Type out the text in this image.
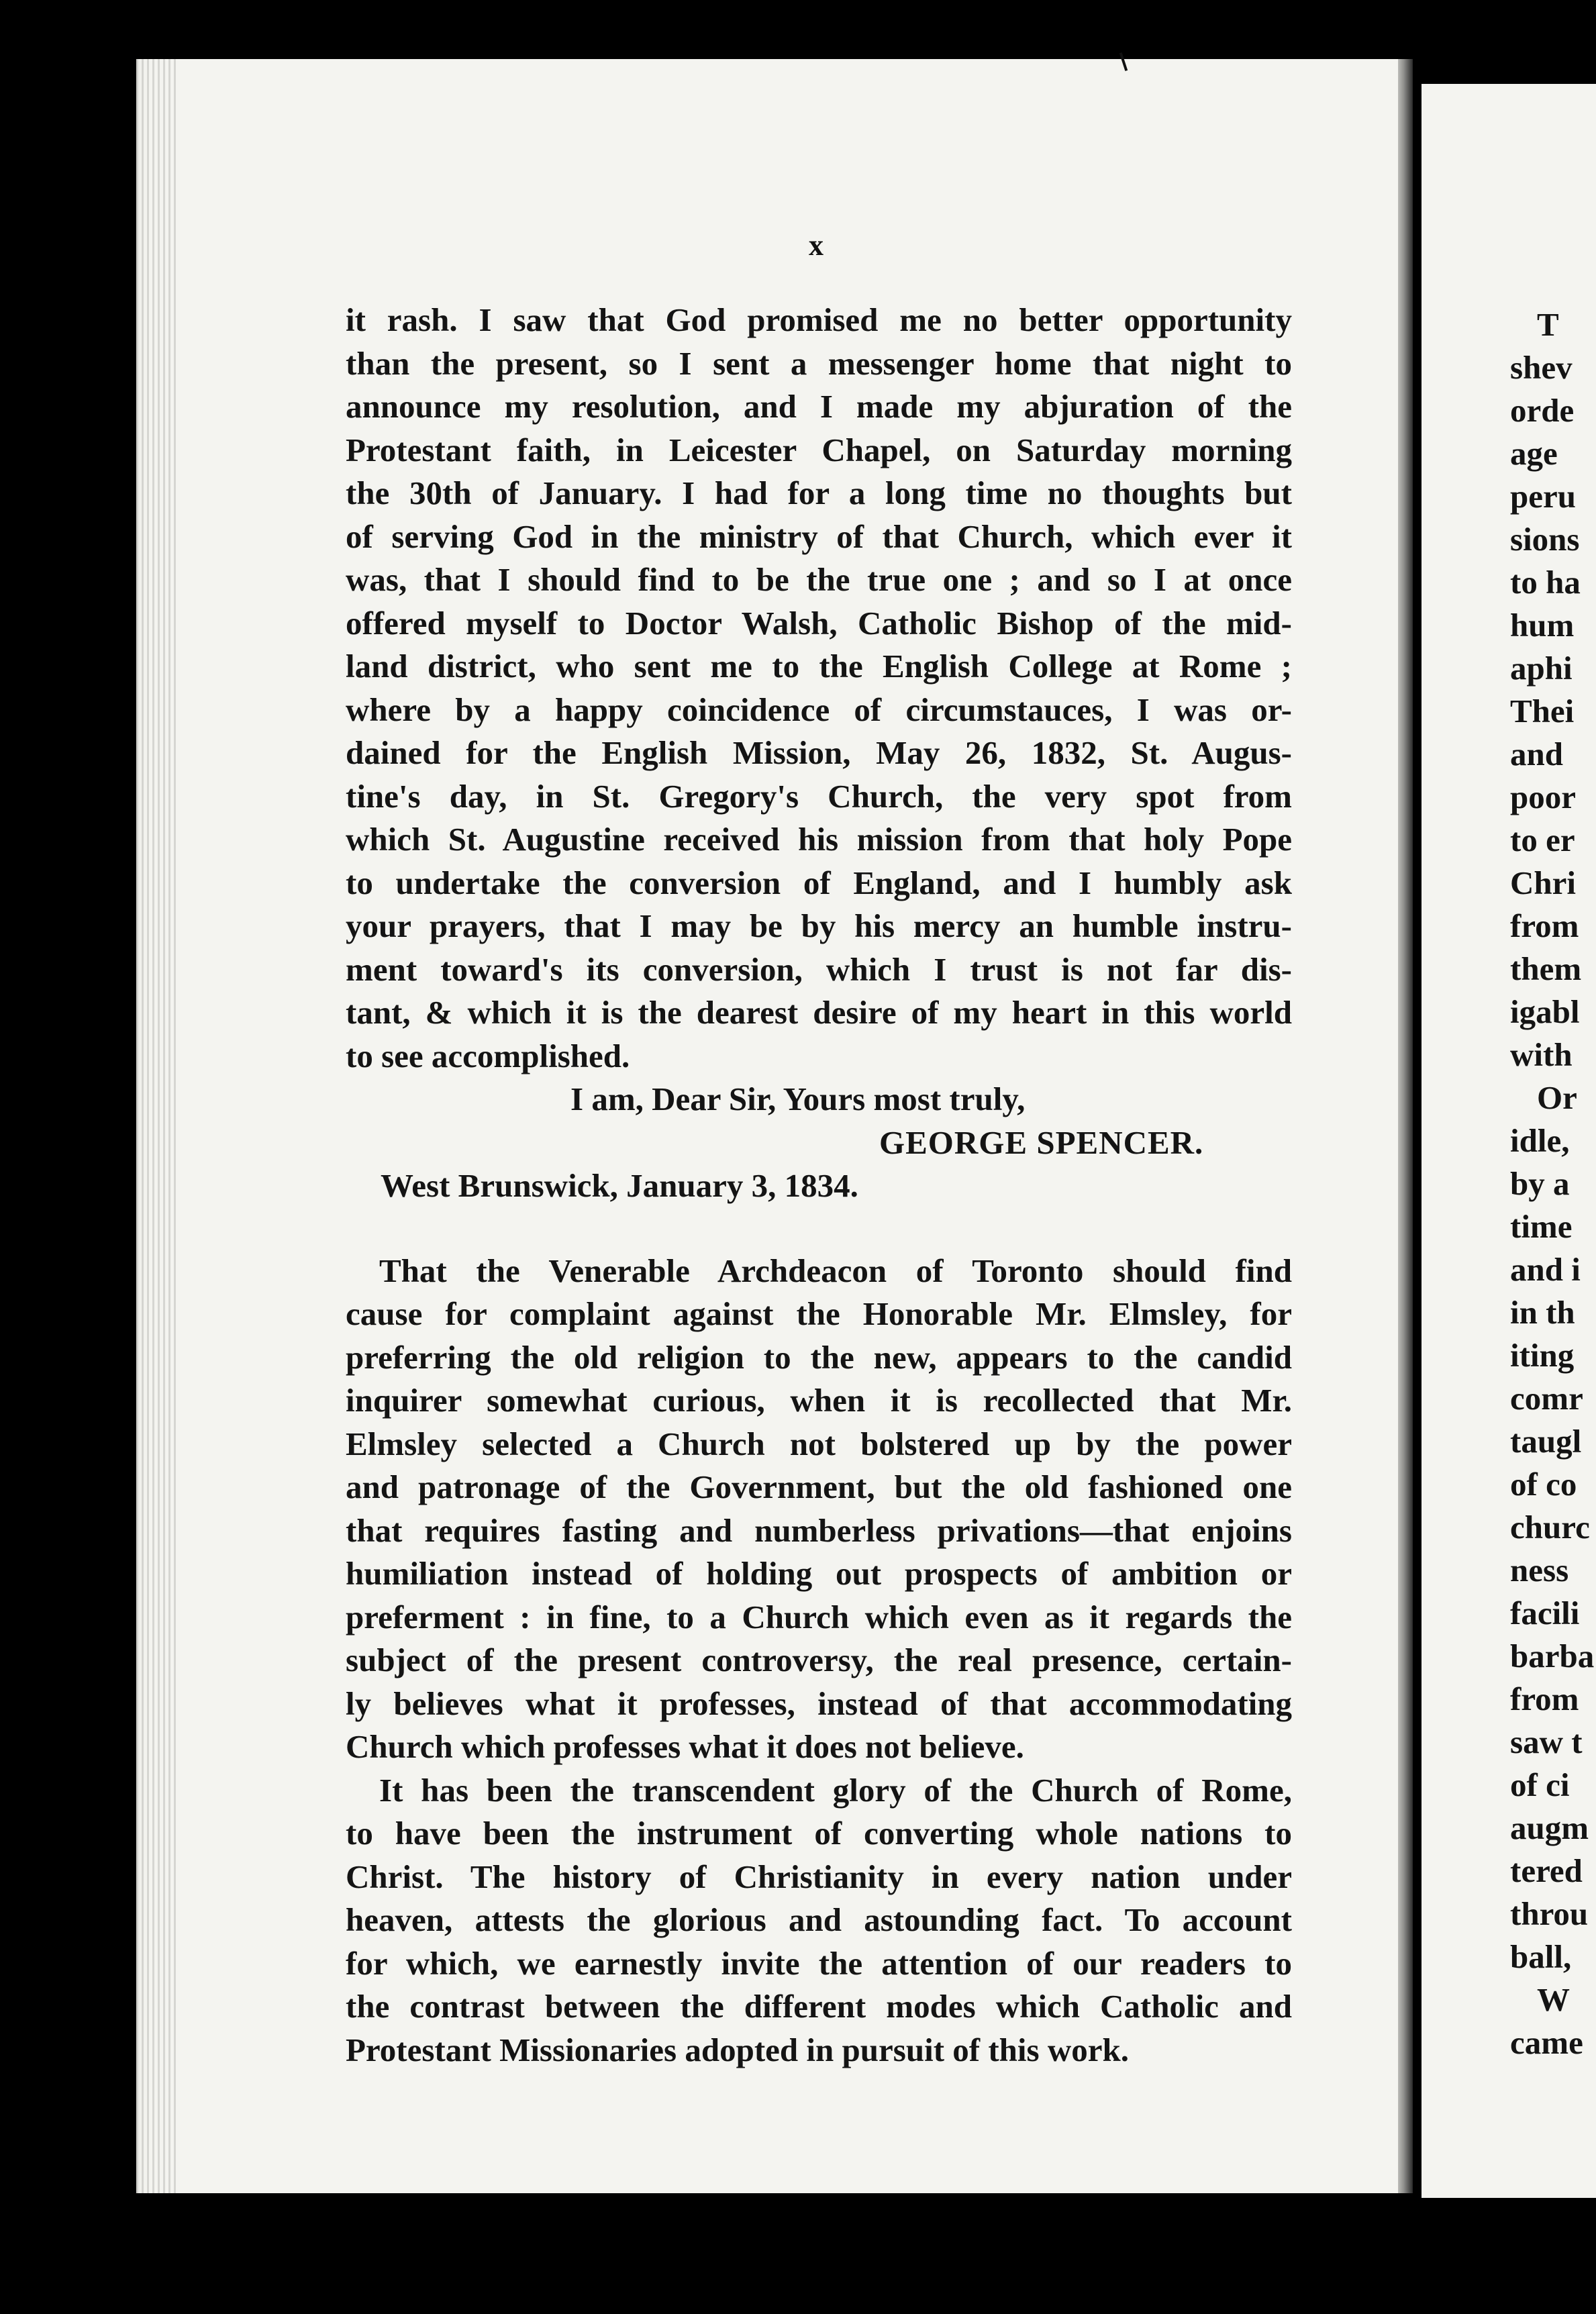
x
it rash. I saw that God promised me no better opportunity
than the present, so I sent a messenger home that night to
announce my resolution, and I made my abjuration of the
Protestant faith, in Leicester Chapel, on Saturday morning
the 30th of January. I had for a long time no thoughts but
of serving God in the ministry of that Church, which ever it
was, that I should find to be the true one ; and so I at once
offered myself to Doctor Walsh, Catholic Bishop of the mid-
land district, who sent me to the English College at Rome ;
where by a happy coincidence of circumstauces, I was or-
dained for the English Mission, May 26, 1832, St. Augus-
tine's day, in St. Gregory's Church, the very spot from
which St. Augustine received his mission from that holy Pope
to undertake the conversion of England, and I humbly ask
your prayers, that I may be by his mercy an humble instru-
ment toward's its conversion, which I trust is not far dis-
tant, & which it is the dearest desire of my heart in this world
to see accomplished.
I am, Dear Sir, Yours most truly,
GEORGE SPENCER.
West Brunswick, January 3, 1834.
That the Venerable Archdeacon of Toronto should find
cause for complaint against the Honorable Mr. Elmsley, for
preferring the old religion to the new, appears to the candid
inquirer somewhat curious, when it is recollected that Mr.
Elmsley selected a Church not bolstered up by the power
and patronage of the Government, but the old fashioned one
that requires fasting and numberless privations—that enjoins
humiliation instead of holding out prospects of ambition or
preferment : in fine, to a Church which even as it regards the
subject of the present controversy, the real presence, certain-
ly believes what it professes, instead of that accommodating
Church which professes what it does not believe.
It has been the transcendent glory of the Church of Rome,
to have been the instrument of converting whole nations to
Christ. The history of Christianity in every nation under
heaven, attests the glorious and astounding fact. To account
for which, we earnestly invite the attention of our readers to
the contrast between the different modes which Catholic and
Protestant Missionaries adopted in pursuit of this work.
T
shev
orde
age
peru
sions
to ha
hum
aphi
Thei
and
poor
to er
Chri
from
them
igabl
with
Or
idle,
by a
time
and i
in th
iting
comr
taugl
of co
churc
ness
facili
barba
from
saw t
of ci
augm
tered
throu
ball,
W
came
